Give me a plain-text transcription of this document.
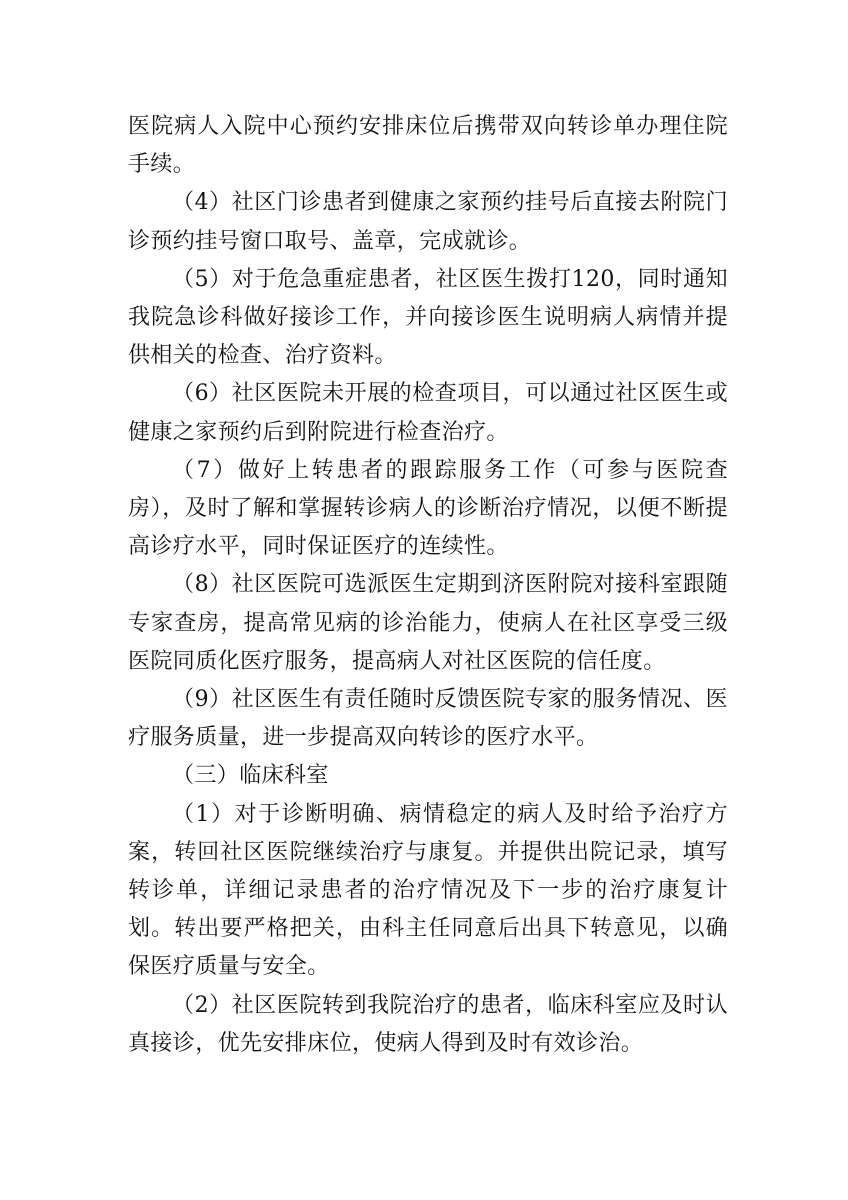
医院病人入院中心预约安排床位后携带双向转诊单办理住院手续。

（4）社区门诊患者到健康之家预约挂号后直接去附院门诊预约挂号窗口取号、盖章，完成就诊。

（5）对于危急重症患者，社区医生拨打120，同时通知我院急诊科做好接诊工作，并向接诊医生说明病人病情并提供相关的检查、治疗资料。

（6）社区医院未开展的检查项目，可以通过社区医生或健康之家预约后到附院进行检查治疗。

（7）做好上转患者的跟踪服务工作（可参与医院查房），及时了解和掌握转诊病人的诊断治疗情况，以便不断提高诊疗水平，同时保证医疗的连续性。

（8）社区医院可选派医生定期到济医附院对接科室跟随专家查房，提高常见病的诊治能力，使病人在社区享受三级医院同质化医疗服务，提高病人对社区医院的信任度。

（9）社区医生有责任随时反馈医院专家的服务情况、医疗服务质量，进一步提高双向转诊的医疗水平。

（三）临床科室

（1）对于诊断明确、病情稳定的病人及时给予治疗方案，转回社区医院继续治疗与康复。并提供出院记录，填写转诊单，详细记录患者的治疗情况及下一步的治疗康复计划。转出要严格把关，由科主任同意后出具下转意见，以确保医疗质量与安全。

（2）社区医院转到我院治疗的患者，临床科室应及时认真接诊，优先安排床位，使病人得到及时有效诊治。
